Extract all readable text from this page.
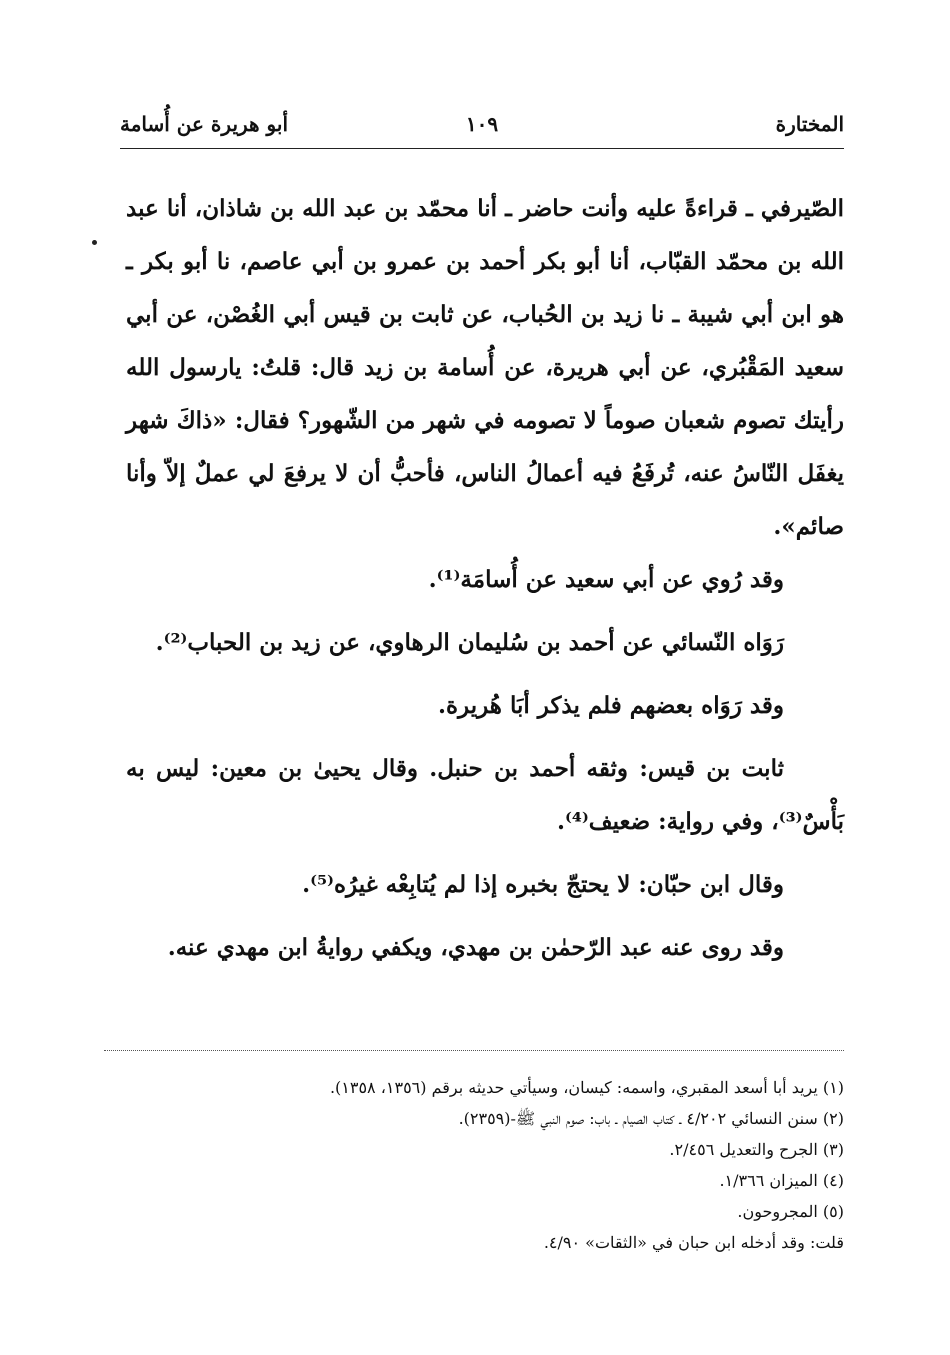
المختارة
١٠٩
أبو هريرة عن أُسامة

الصّيرفي ـ قراءةً عليه وأنت حاضر ـ أنا محمّد بن عبد الله بن شاذان، أنا عبد الله بن محمّد القبّاب، أنا أبو بكر أحمد بن عمرو بن أبي عاصم، نا أبو بكر ـ هو ابن أبي شيبة ـ نا زيد بن الحُباب، عن ثابت بن قيس أبي الغُصْن، عن أبي سعيد المَقْبُري، عن أبي هريرة، عن أُسامة بن زيد قال: قلتُ: يارسول الله رأيتك تصوم شعبان صوماً لا تصومه في شهر من الشّهور؟ فقال: «ذاكَ شهر يغفَل النّاسُ عنه، تُرفَعُ فيه أعمالُ الناس، فأحبُّ أن لا يرفعَ لي عملٌ إلاّ وأنا صائم».

وقد رُوي عن أبي سعيد عن أُسامَة⁽¹⁾.

رَوَاه النّسائي عن أحمد بن سُليمان الرهاوي، عن زيد بن الحباب⁽²⁾.

وقد رَوَاه بعضهم فلم يذكر أبَا هُريرة.

ثابت بن قيس: وثقه أحمد بن حنبل. وقال يحيىٰ بن معين: ليس به بَأْسٌ⁽³⁾، وفي رواية: ضعيف⁽⁴⁾.

وقال ابن حبّان: لا يحتجّ بخبره إذا لم يُتابِعْه غيرُه⁽⁵⁾.

وقد روى عنه عبد الرّحمٰن بن مهدي، ويكفي روايةُ ابن مهدي عنه.

(١) يريد أبا أسعد المقبري، واسمه: كيسان، وسيأتي حديثه برقم (١٣٥٦، ١٣٥٨).
(٢) سنن النسائي ٤/٢٠٢ ـ كتاب الصيام ـ باب: صوم النبي ﷺ-(٢٣٥٩).
(٣) الجرح والتعديل ٢/٤٥٦.
(٤) الميزان ١/٣٦٦.
(٥) المجروحون.
قلت: وقد أدخله ابن حبان في «الثقات» ٤/٩٠.
